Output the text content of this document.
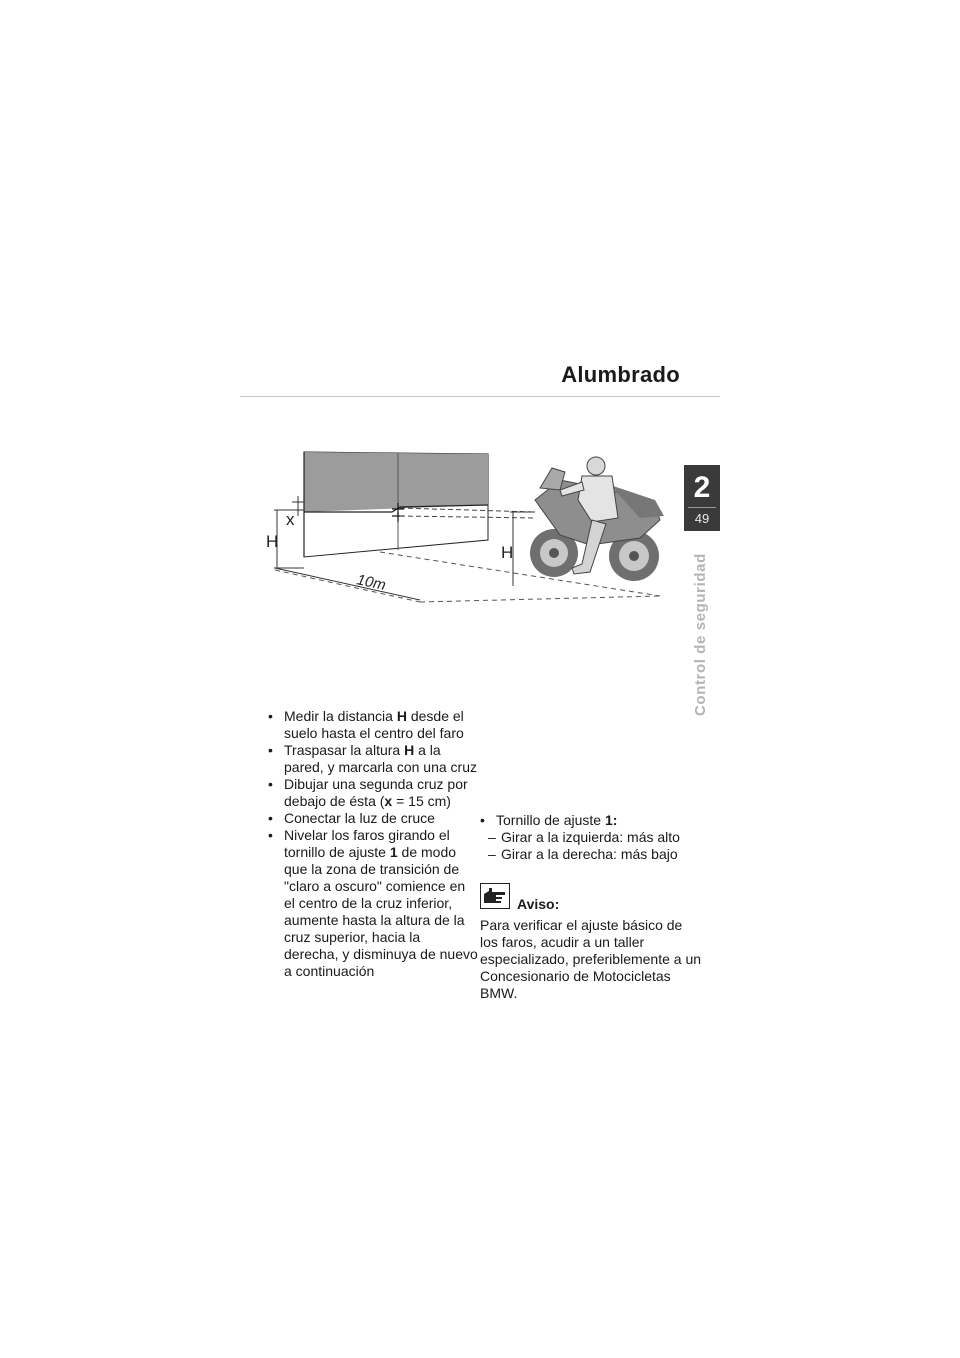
Alumbrado
2
49
Control de seguridad
x
H
H
10m
• Medir la distancia H desde el suelo hasta el centro del faro
• Traspasar la altura H a la pared, y marcarla con una cruz
• Dibujar una segunda cruz por debajo de ésta (x = 15 cm)
• Conectar la luz de cruce
• Nivelar los faros girando el tornillo de ajuste 1 de modo que la zona de transición de "claro a oscuro" comience en el centro de la cruz inferior, aumente hasta la altura de la cruz superior, hacia la derecha, y disminuya de nuevo a continuación
• Tornillo de ajuste 1:
– Girar a la izquierda: más alto
– Girar a la derecha: más bajo
Aviso:
Para verificar el ajuste básico de los faros, acudir a un taller especializado, preferiblemente a un Concesionario de Motocicletas BMW.
